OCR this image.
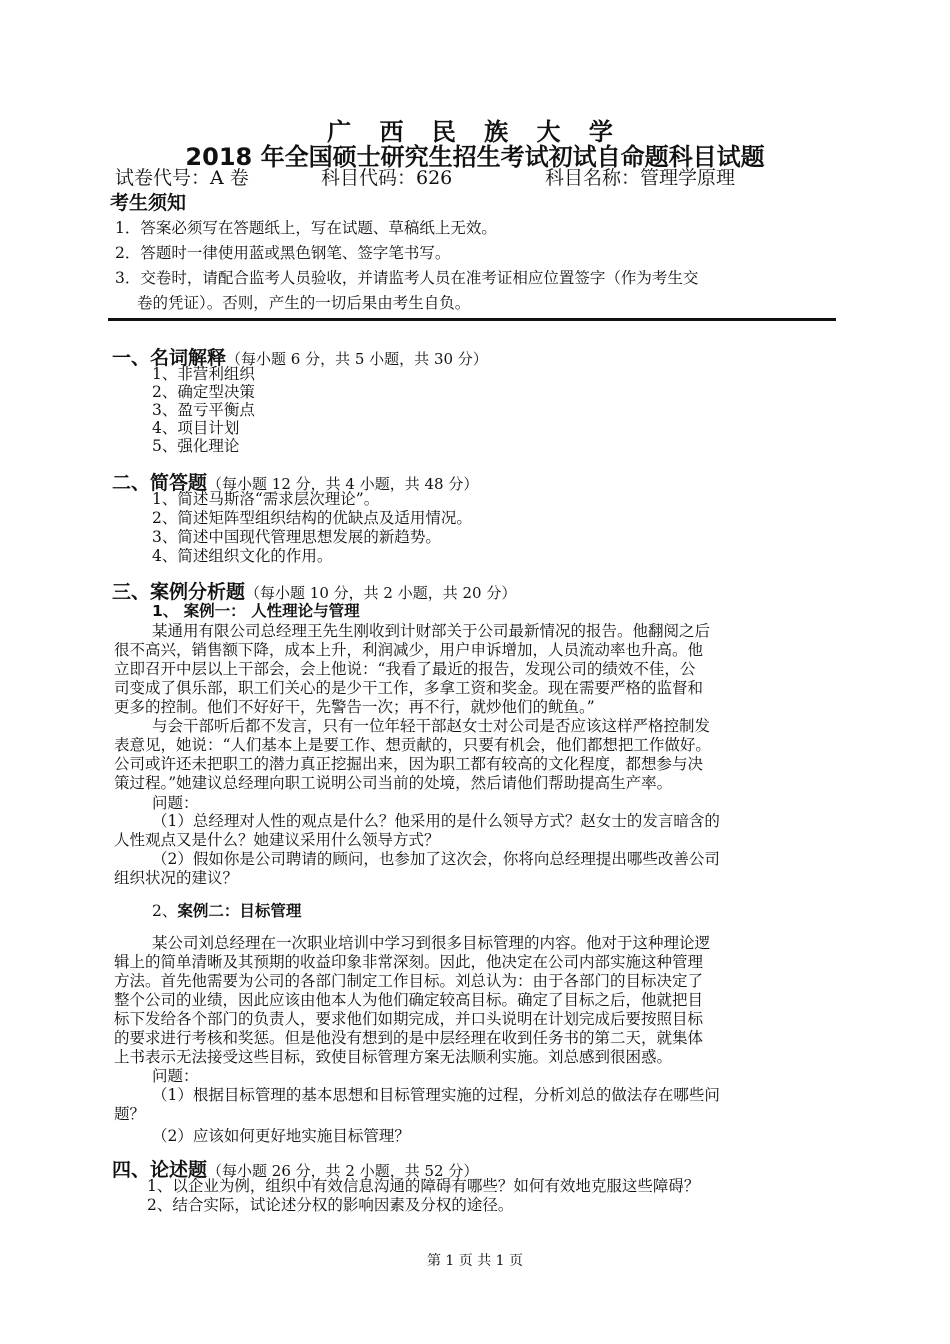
广 西 民 族 大 学
2018 年全国硕士研究生招生考试初试自命题科目试题
试卷代号：A 卷	科目代码：626	科目名称：管理学原理
考生须知
1．答案必须写在答题纸上，写在试题、草稿纸上无效。
2．答题时一律使用蓝或黑色钢笔、签字笔书写。
3．交卷时，请配合监考人员验收，并请监考人员在准考证相应位置签字（作为考生交
卷的凭证）。否则，产生的一切后果由考生自负。
一、名词解释（每小题 6 分，共 5 小题，共 30 分）
1、非营利组织
2、确定型决策
3、盈亏平衡点
4、项目计划
5、强化理论
二、简答题（每小题 12 分，共 4 小题，共 48 分）
1、简述马斯洛“需求层次理论”。
2、简述矩阵型组织结构的优缺点及适用情况。
3、简述中国现代管理思想发展的新趋势。
4、简述组织文化的作用。
三、案例分析题（每小题 10 分，共 2 小题，共 20 分）
1、 案例一： 人性理论与管理
某通用有限公司总经理王先生刚收到计财部关于公司最新情况的报告。他翻阅之后
很不高兴，销售额下降，成本上升，利润减少，用户申诉增加，人员流动率也升高。他
立即召开中层以上干部会，会上他说：“我看了最近的报告，发现公司的绩效不佳，公
司变成了俱乐部，职工们关心的是少干工作，多拿工资和奖金。现在需要严格的监督和
更多的控制。他们不好好干，先警告一次；再不行，就炒他们的鱿鱼。”
与会干部听后都不发言，只有一位年轻干部赵女士对公司是否应该这样严格控制发
表意见，她说：“人们基本上是要工作、想贡献的，只要有机会，他们都想把工作做好。
公司或许还未把职工的潜力真正挖掘出来，因为职工都有较高的文化程度，都想参与决
策过程。”她建议总经理向职工说明公司当前的处境，然后请他们帮助提高生产率。
问题：
（1）总经理对人性的观点是什么？他采用的是什么领导方式？赵女士的发言暗含的
人性观点又是什么？她建议采用什么领导方式？
（2）假如你是公司聘请的顾问，也参加了这次会，你将向总经理提出哪些改善公司
组织状况的建议？
2、案例二：目标管理
某公司刘总经理在一次职业培训中学习到很多目标管理的内容。他对于这种理论逻
辑上的简单清晰及其预期的收益印象非常深刻。因此，他决定在公司内部实施这种管理
方法。首先他需要为公司的各部门制定工作目标。刘总认为：由于各部门的目标决定了
整个公司的业绩，因此应该由他本人为他们确定较高目标。确定了目标之后，他就把目
标下发给各个部门的负责人，要求他们如期完成，并口头说明在计划完成后要按照目标
的要求进行考核和奖惩。但是他没有想到的是中层经理在收到任务书的第二天，就集体
上书表示无法接受这些目标，致使目标管理方案无法顺利实施。刘总感到很困惑。
问题：
（1）根据目标管理的基本思想和目标管理实施的过程，分析刘总的做法存在哪些问
题？
（2）应该如何更好地实施目标管理？
四、论述题（每小题 26 分，共 2 小题，共 52 分）
1、以企业为例，组织中有效信息沟通的障碍有哪些？如何有效地克服这些障碍？
2、结合实际，试论述分权的影响因素及分权的途径。
第 1 页 共 1 页
